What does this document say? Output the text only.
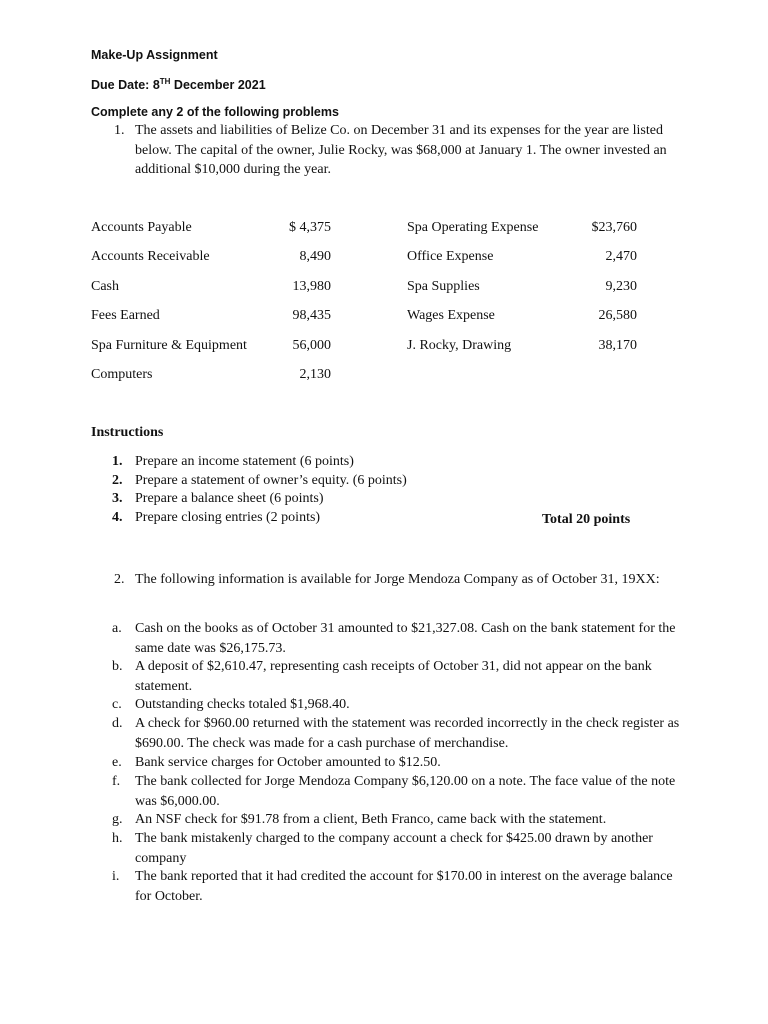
Make-Up Assignment
Due Date: 8TH December 2021
Complete any 2 of the following problems
1. The assets and liabilities of Belize Co. on December 31 and its expenses for the year are listed below. The capital of the owner, Julie Rocky, was $68,000 at January 1. The owner invested an additional $10,000 during the year.
Accounts Payable	$ 4,375
Accounts Receivable	8,490
Cash	13,980
Fees Earned	98,435
Spa Furniture & Equipment	56,000
Computers	2,130
Spa Operating Expense	$23,760
Office Expense	2,470
Spa Supplies	9,230
Wages Expense	26,580
J. Rocky, Drawing	38,170
Instructions
1. Prepare an income statement (6 points)
2. Prepare a statement of owner’s equity. (6 points)
3. Prepare a balance sheet (6 points)
4. Prepare closing entries (2 points)	Total 20 points
2. The following information is available for Jorge Mendoza Company as of October 31, 19XX:
a. Cash on the books as of October 31 amounted to $21,327.08. Cash on the bank statement for the same date was $26,175.73.
b. A deposit of $2,610.47, representing cash receipts of October 31, did not appear on the bank statement.
c. Outstanding checks totaled $1,968.40.
d. A check for $960.00 returned with the statement was recorded incorrectly in the check register as $690.00. The check was made for a cash purchase of merchandise.
e. Bank service charges for October amounted to $12.50.
f. The bank collected for Jorge Mendoza Company $6,120.00 on a note. The face value of the note was $6,000.00.
g. An NSF check for $91.78 from a client, Beth Franco, came back with the statement.
h. The bank mistakenly charged to the company account a check for $425.00 drawn by another company
i. The bank reported that it had credited the account for $170.00 in interest on the average balance for October.
